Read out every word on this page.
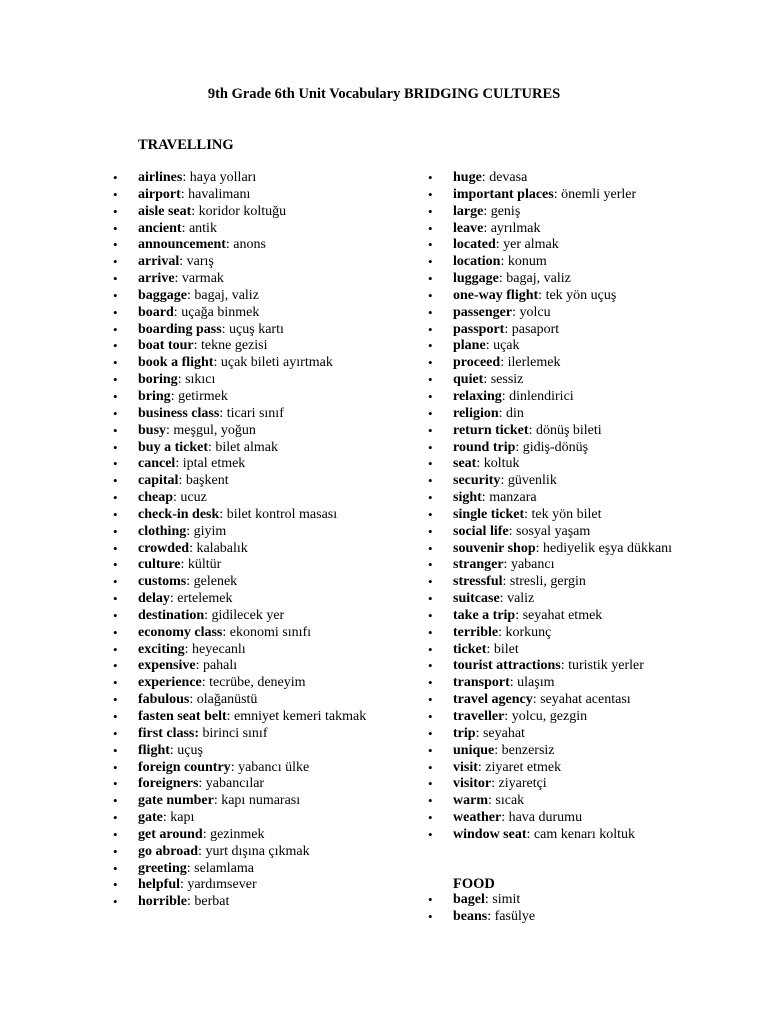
9th Grade 6th Unit Vocabulary BRIDGING CULTURES
TRAVELLING
• airlines: haya yolları
• airport: havalimanı
• aisle seat: koridor koltuğu
• ancient: antik
• announcement: anons
• arrival: varış
• arrive: varmak
• baggage: bagaj, valiz
• board: uçağa binmek
• boarding pass: uçuş kartı
• boat tour: tekne gezisi
• book a flight: uçak bileti ayırtmak
• boring: sıkıcı
• bring: getirmek
• business class: ticari sınıf
• busy: meşgul, yoğun
• buy a ticket: bilet almak
• cancel: iptal etmek
• capital: başkent
• cheap: ucuz
• check-in desk: bilet kontrol masası
• clothing: giyim
• crowded: kalabalık
• culture: kültür
• customs: gelenek
• delay: ertelemek
• destination: gidilecek yer
• economy class: ekonomi sınıfı
• exciting: heyecanlı
• expensive: pahalı
• experience: tecrübe, deneyim
• fabulous: olağanüstü
• fasten seat belt: emniyet kemeri takmak
• first class: birinci sınıf
• flight: uçuş
• foreign country: yabancı ülke
• foreigners: yabancılar
• gate number: kapı numarası
• gate: kapı
• get around: gezinmek
• go abroad: yurt dışına çıkmak
• greeting: selamlama
• helpful: yardımsever
• horrible: berbat
• huge: devasa
• important places: önemli yerler
• large: geniş
• leave: ayrılmak
• located: yer almak
• location: konum
• luggage: bagaj, valiz
• one-way flight: tek yön uçuş
• passenger: yolcu
• passport: pasaport
• plane: uçak
• proceed: ilerlemek
• quiet: sessiz
• relaxing: dinlendirici
• religion: din
• return ticket: dönüş bileti
• round trip: gidiş-dönüş
• seat: koltuk
• security: güvenlik
• sight: manzara
• single ticket: tek yön bilet
• social life: sosyal yaşam
• souvenir shop: hediyelik eşya dükkanı
• stranger: yabancı
• stressful: stresli, gergin
• suitcase: valiz
• take a trip: seyahat etmek
• terrible: korkunç
• ticket: bilet
• tourist attractions: turistik yerler
• transport: ulaşım
• travel agency: seyahat acentası
• traveller: yolcu, gezgin
• trip: seyahat
• unique: benzersiz
• visit: ziyaret etmek
• visitor: ziyaretçi
• warm: sıcak
• weather: hava durumu
• window seat: cam kenarı koltuk
FOOD
• bagel: simit
• beans: fasülye
